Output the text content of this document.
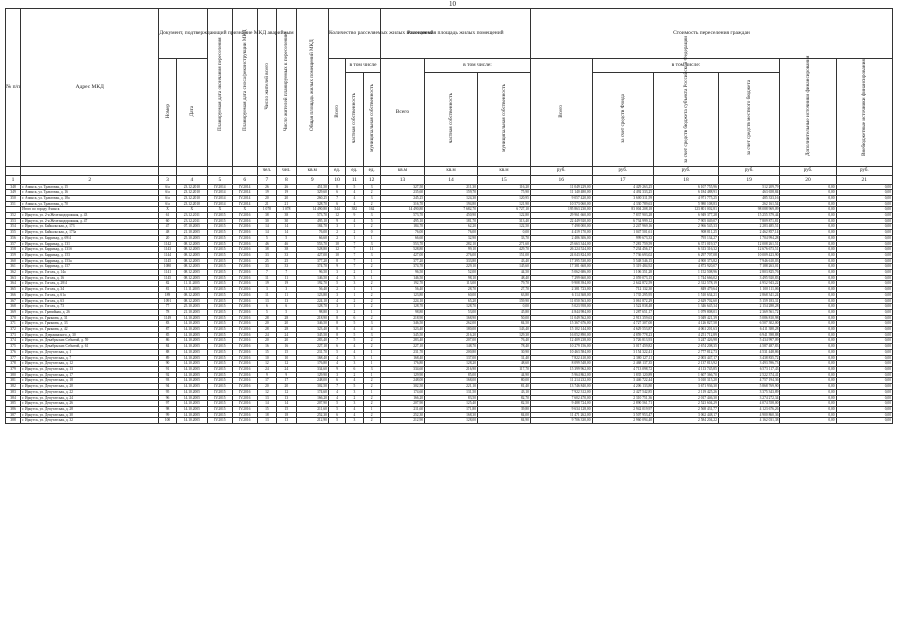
10
№ п/п	Адрес МКД	Документ, подтверждающий признание МКД аварийным		Планируемая дата окончания переселения	Планируемая дата сноса/реконструкции МКД	Число жителей всего	Число жителей планируемых к переселению	Общая площадь жилых помещений МКД	Количество расселяемых жилых помещений			Расселяемая площадь жилых помещений			Стоимость переселения граждан					
		Номер	Дата						Всего	в том числе		Всего	в том числе:		Всего	в том числе:			Дополнительные источники финансирования	Внебюджетные источники финансирования
										частная собственность	муниципальная собственность		частная собственность	муниципальная собственность		за счет средств Фонда	за счет средств бюджета субъекта Российской Федерации	за счет средств местного бюджета		
						чел.	чел.	кв.м	ед.	ед.	ед.	кв.м	кв.м	кв.м	руб.	руб.	руб.	руб.	руб.	руб.
1	2	3	4	5	6	7	8	9	10	11	12	13	14	15	16	17	18	19	20	21
348	г. Ачинск, ул. Трактовая, д. 15	6/а	23.12.2010	IV.2014	IV.2014	26	26	451,50	8	5	3	327,50	211,30	116,20	11 049 229,00	4 429 263,25	6 107 755,96	512 209,79	0,00	0,00
349	г. Ачинск, ул. Трактовая, д. 16	6/а	23.12.2010	IV.2014	IV.2014	19	19	329,60	6	4	2	235,60	159,70	75,90	11 140 480,00	4 492 333,25	6 184 488,91	463 658,84	0,00	0,00
350	г. Ачинск, ул. Трактовая, д. 18а	6/а	23.12.2010	IV.2014	IV.2014	20	20	260,25	7	4	3	245,25	124,30	120,95	9 057 420,00	3 600 311,59	4 971 775,25	485 333,16	0,00	0,00
351	г. Ачинск, ул. Трактовая, д. 70	6/а	23.12.2010	IV.2014	IV.2014	21	21	328,70	6	4	2	316,70	194,80	121,90	10 573 060,00	4 330 789,63	5 980 108,83	262 161,54	0,00	0,00
	Итого по городу Ачинск	Х	Х	Х	Х	1 078	1 078	14 490,80	544	382	162	14 490,80	7 682,70	6 727,10	195 863 230,00	83 004 208,18	123 801 002,81	98 088 969,09	0,00	0,00
352	г. Иркутск, ул. 2-я Железнодорожная, д. 43	61	23.12.2011	IV.2015	IV.2016	38	38	573,70	12	9	3	573,70	450,90	122,80	29 961 660,00	7 837 903,28	6 949 377,28	15 255 379,44	0,00	0,00
353	г. Иркутск, ул. 2-я Железнодорожная, д. 47	60	23.12.2011	IV.2015	IV.2016	30	30	495,10	9	4	5	495,10	181,70	313,40	22 449 920,00	6 734 999,12	7 905 049,07	7 809 871,81	0,00	0,00
354	г. Иркутск, ул. Байкальская, д. 173	47	07.10.2005	IV.2015	IV.2016	14	14	184,70	3	1	2	184,70	62,20	122,50	7 498 000,00	2 247 969,16	2 966 545,33	2 283 485,51	0,00	0,00
355	г. Иркутск, ул. Байкальская, д. 173а	48	21.10.2005	IV.2015	IV.2016	14	14	76,00	2	2	0	76,00	76,00	0,00	4 419 170,00	1 047 501,61	908 811,25	2 462 857,14	0,00	0,00
356	г. Иркутск, ул. Баррикад, д. 69/4	20	25.10.2005	IV.2015	IV.2016	5	5	66,60	2	1	1	66,60	32,90	33,70	2 486 306,00	999 673,33	795 134,27	1 704 994,28	0,00	0,00
357	г. Иркутск, ул. Баррикад, д. 131	1142	08.12.2005	IV.2015	IV.2016	46	46	553,70	10	7	3	553,70	282,10	271,60	25 663 344,00	7 281 759,59	6 371 019,37	12 008 261,51	0,00	0,00
358	г. Иркутск, ул. Баррикад, д. 131б	1143	08.12.2005	IV.2015	IV.2016	38	38	528,80	12	7	11	528,80	99,10	429,70	26 224 524,00	7 234 456,17	6 313 316,32	12 676 673,51	0,00	0,00
359	г. Иркутск, ул. Баррикад, д. 153	1144	08.12.2005	IV.2015	IV.2016	33	33	427,00	10	7	3	427,00	276,00	151,00	24 043 824,00	7 736 693,02	6 297 707,08	10 009 423,90	0,00	0,00
360	г. Иркутск, ул. Баррикад, д. 153а	1145	08.12.2005	IV.2015	IV.2016	25	25	377,20	8	7	1	377,20	333,80	43,40	17 395 530,00	5 548 546,15	4 900 373,82	7 946 610,03	0,00	0,00
361	г. Иркутск, ул. Баррикад, д. 157	1080	08.12.2005	IV.2015	IV.2016	33	33	374,70	9	7	2	374,70	229,10	145,60	17 381 668,00	5 319 484,92	4 873 920,07	7 188 263,01	0,00	0,00
362	г. Иркутск, ул. Гоголя, д. 14а	1141	08.12.2005	IV.2015	IV.2016	7	7	96,50	3	2	1	96,50	52,00	44,50	5 062 686,00	1 106 351,28	1 152 508,96	2 803 825,76	0,00	0,00
363	г. Иркутск, ул. Гоголя, д. 16	1145	08.12.2005	IV.2015	IV.2016	11	11	146,50	4	3	1	146,50	98,10	48,40	7 299 660,00	2 059 073,15	1 744 666,02	3 495 920,83	0,00	0,00
364	г. Иркутск, ул. Гоголя, д. 28/4	82	11.11.2005	IV.2015	IV.2016	19	19	192,70	5	3	2	192,70	113,00	79,70	9 908 394,00	2 642 872,59	2 312 578,19	4 952 943,22	0,00	0,00
365	г. Иркутск, ул. Гоголя, д. 34	81	11.11.2005	IV.2015	IV.2016	3	3	56,40	2	1	1	56,40	28,70	27,70	2 381 723,00	712 132,30	849 479,64	1 100 111,06	0,00	0,00
366	г. Иркутск, ул. Гоголя, д. 61а	189	08.12.2005	IV.2015	IV.2016	11	11	123,80	3	1	2	123,80	60,00	63,80	6 114 368,00	1 735 295,95	1 510 634,21	2 868 341,24	0,00	0,00
367	г. Иркутск, ул. Гоголя, д. 63	1091	08.12.2005	IV.2015	IV.2016	13	13	224,10	4	2	2	224,10	65,20	159,90	11 050 563,00	3 061 872,29	2 629 702,60	5 159 183,31	0,00	0,00
368	г. Иркутск, ул. Гоголя, д. 73	77	25.10.2005	IV.2015	IV.2016	6	6	128,70	3	1	2	128,70	128,70	0,00	5 023 958,00	1 522 838,48	1 346 645,34	2 154 288,28	0,00	0,00
369	г. Иркутск, ул. Гравийная, д. 26	78	21.10.2005	IV.2015	IV.2016	5	5	98,80	3	2	1	98,80	53,00	45,80	4 844 984,00	1 287 651,17	1 079 808,01	2 369 561,72	0,00	0,00
370	г. Иркутск, ул. Грязнова, д. 31	1149	14.10.2005	IV.2015	IV.2016	28	28	218,90	8	6	2	218,90	168,90	50,00	11 049 562,00	2 913 359,63	3 049 421,39	5 086 810,98	0,00	0,00
371	г. Иркутск, ул. Грязнова, д. 33	83	14.10.2005	IV.2015	IV.2016	20	20	346,50	8	5	3	346,50	262,00	84,50	15 367 676,00	4 727 307,00	4 126 827,58	6 507 302,00	0,00	0,00
372	г. Иркутск, ул. Грязнова, д. 42	87	14.10.2005	IV.2015	IV.2016	28	28	323,40	8	4	4	323,40	180,00	143,40	15 102 144,00	4 629 553,87	4 061 201,63	6 411 388,28	0,00	0,00
373	г. Иркутск, ул. Дзержинского, д. 30	85	14.10.2005	IV.2015	IV.2016	24	24	345,50	8	5	3	345,50	216,20	129,30	16 052 890,00	4 859 778,23	4 251 712,89	6 941 398,88	0,00	0,00
374	г. Иркутск, ул. Декабрьских Событий, д. 59	86	14.10.2005	IV.2015	IV.2016	20	20	283,40	7	5	2	283,40	207,00	76,40	12 409 238,00	3 726 813,93	3 247 426,98	5 434 997,09	0,00	0,00
375	г. Иркутск, ул. Декабрьских Событий, д. 61	84	14.10.2005	IV.2015	IV.2016	16	16	227,10	6	4	2	227,10	148,70	78,40	10 279 156,00	3 017 459,82	2 674 208,35	4 587 487,83	0,00	0,00
376	г. Иркутск, ул. Депутатская, д. 1	88	14.10.2005	IV.2015	IV.2016	15	15	231,70	5	4	1	231,70	200,80	30,90	10 463 584,00	3 154 322,41	2 777 812,73	4 531 448,86	0,00	0,00
377	г. Иркутск, ул. Депутатская, д. 7	89	14.10.2005	IV.2015	IV.2016	10	10	168,40	4	3	1	168,40	137,00	31,40	7 822 410,00	2 380 127,11	2 003 447,17	3 438 835,72	0,00	0,00
378	г. Иркутск, ул. Депутатская, д. 12	90	14.10.2005	IV.2015	IV.2016	12	12	176,80	4	3	1	176,80	128,20	48,60	8 099 548,00	2 468 137,35	2 137 813,92	3 493 596,73	0,00	0,00
379	г. Иркутск, ул. Депутатская, д. 13	91	14.10.2005	IV.2015	IV.2016	24	24	334,60	9	6	3	334,60	216,90	117,70	15 399 962,00	4 713 098,72	4 113 745,85	6 573 117,43	0,00	0,00
380	г. Иркутск, ул. Депутатская, д. 17	92	14.10.2005	IV.2015	IV.2016	9	9	129,90	3	2	1	129,90	85,00	44,90	5 964 862,00	1 835 120,89	1 607 366,70	2 522 374,41	0,00	0,00
381	г. Иркутск, ул. Депутатская, д. 18	93	14.10.2005	IV.2015	IV.2016	17	17	248,00	6	4	2	248,00	168,00	80,00	11 214 232,00	3 446 722,44	3 010 315,20	4 757 194,36	0,00	0,00
382	г. Иркутск, ул. Депутатская, д. 20	94	14.10.2005	IV.2015	IV.2016	20	20	302,50	7	5	2	302,50	221,10	81,40	13 746 840,00	4 206 133,80	3 671 936,30	5 868 769,90	0,00	0,00
383	г. Иркутск, ул. Депутатская, д. 22	95	14.10.2005	IV.2015	IV.2016	12	12	174,60	4	3	1	174,60	131,50	43,10	7 922 312,00	2 427 542,85	2 119 425,26	3 375 343,89	0,00	0,00
384	г. Иркутск, ул. Депутатская, д. 24	96	14.10.2005	IV.2015	IV.2016	13	13	166,20	4	2	2	166,20	83,50	82,70	7 602 470,00	2 310 751,36	2 017 446,30	3 274 272,34	0,00	0,00
385	г. Иркутск, ул. Депутатская, д. 26	97	14.10.2005	IV.2015	IV.2016	14	14	207,90	5	3	2	207,90	125,40	82,50	9 488 724,00	2 890 561,71	2 523 604,29	4 074 558,00	0,00	0,00
386	г. Иркутск, ул. Депутатская, д. 28	98	14.10.2005	IV.2015	IV.2016	15	15	211,60	5	4	1	211,60	171,80	39,80	9 634 128,00	2 942 019,97	2 568 431,77	4 123 676,26	0,00	0,00
387	г. Иркутск, ул. Депутатская, д. 30	99	14.10.2005	IV.2015	IV.2016	18	18	252,30	6	4	2	252,30	168,30	84,00	11 471 262,00	3 507 953,47	3 062 448,17	4 900 860,36	0,00	0,00
388	г. Иркутск, ул. Депутатская, д. 32	100	14.10.2005	IV.2015	IV.2016	13	13	212,90	5	3	2	212,90	128,00	84,90	9 706 330,00	2 960 094,40	2 584 204,22	4 162 031,38	0,00	0,00
